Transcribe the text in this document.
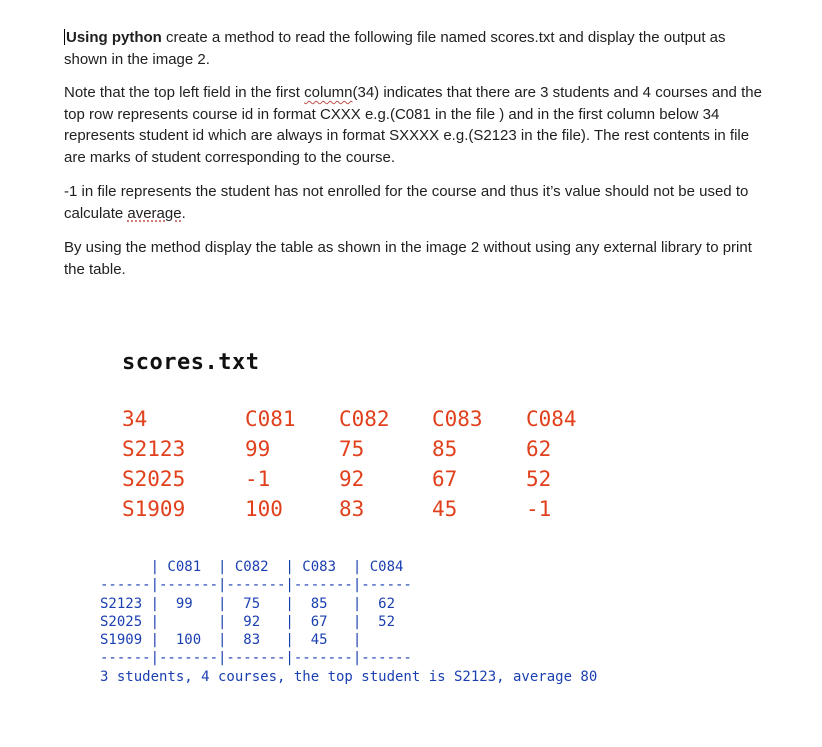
Using python create a method to read the following file named scores.txt and display the output as shown in the image 2.
Note that the top left field in the first column(34) indicates that there are 3 students and 4 courses and the top row represents course id in format CXXX e.g.(C081 in the file ) and in the first column below 34 represents student id which are always in format SXXXX e.g.(S2123 in the file). The rest contents in file are marks of student corresponding to the course.
-1 in file represents the student has not enrolled for the course and thus it’s value should not be used to calculate average.
By using the method display the table as shown in the image 2 without using any external library to print the table.
scores.txt
34	C081 C082 C083 C084
S2123	99	75	85	62
S2025	-1	92	67	52
S1909	100	83	45	-1
| C081  | C082  | C083  | C084
------|-------|-------|-------|------
S2123 |  99   |  75   |  85   |  62
S2025 |       |  92   |  67   |  52
S1909 |  100  |  83   |  45   |
------|-------|-------|-------|------
3 students, 4 courses, the top student is S2123, average 80
